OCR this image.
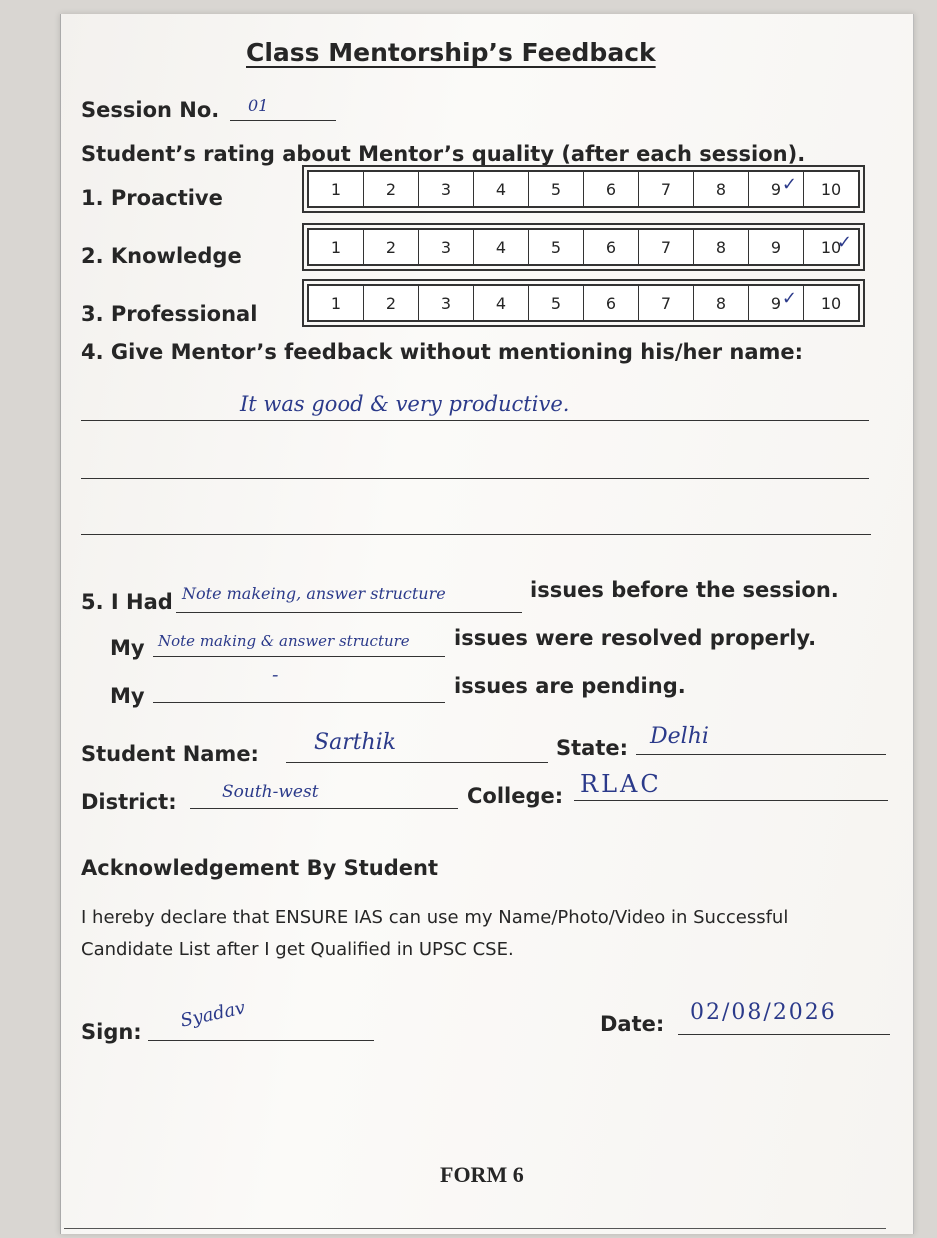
Class Mentorship’s Feedback
Session No. 01
Student’s rating about Mentor’s quality (after each session).
1. Proactive	1	2	3	4	5	6	7	8	9 ✓ 10
2. Knowledge	1	2	3	4	5	6	7	8	9 10
✓
3. Professional	1	2	3	4	5	6	7	8	9 ✓ 10
4. Give Mentor’s feedback without mentioning his/her name:
It was good & very productive.
5. I Had Note makeing, answer structure	issues before the session.
My Note making & answer structure issues were resolved properly.
My
-	issues are pending.
Student Name:	Sarthik	State: Delhi
District:	South-west	College: RLAC
Acknowledgement By Student
I hereby declare that ENSURE IAS can use my Name/Photo/Video in Successful
Candidate List after I get Qualified in UPSC CSE.
Sign:
Syadav	Date: 02/08/2026
FORM 6
